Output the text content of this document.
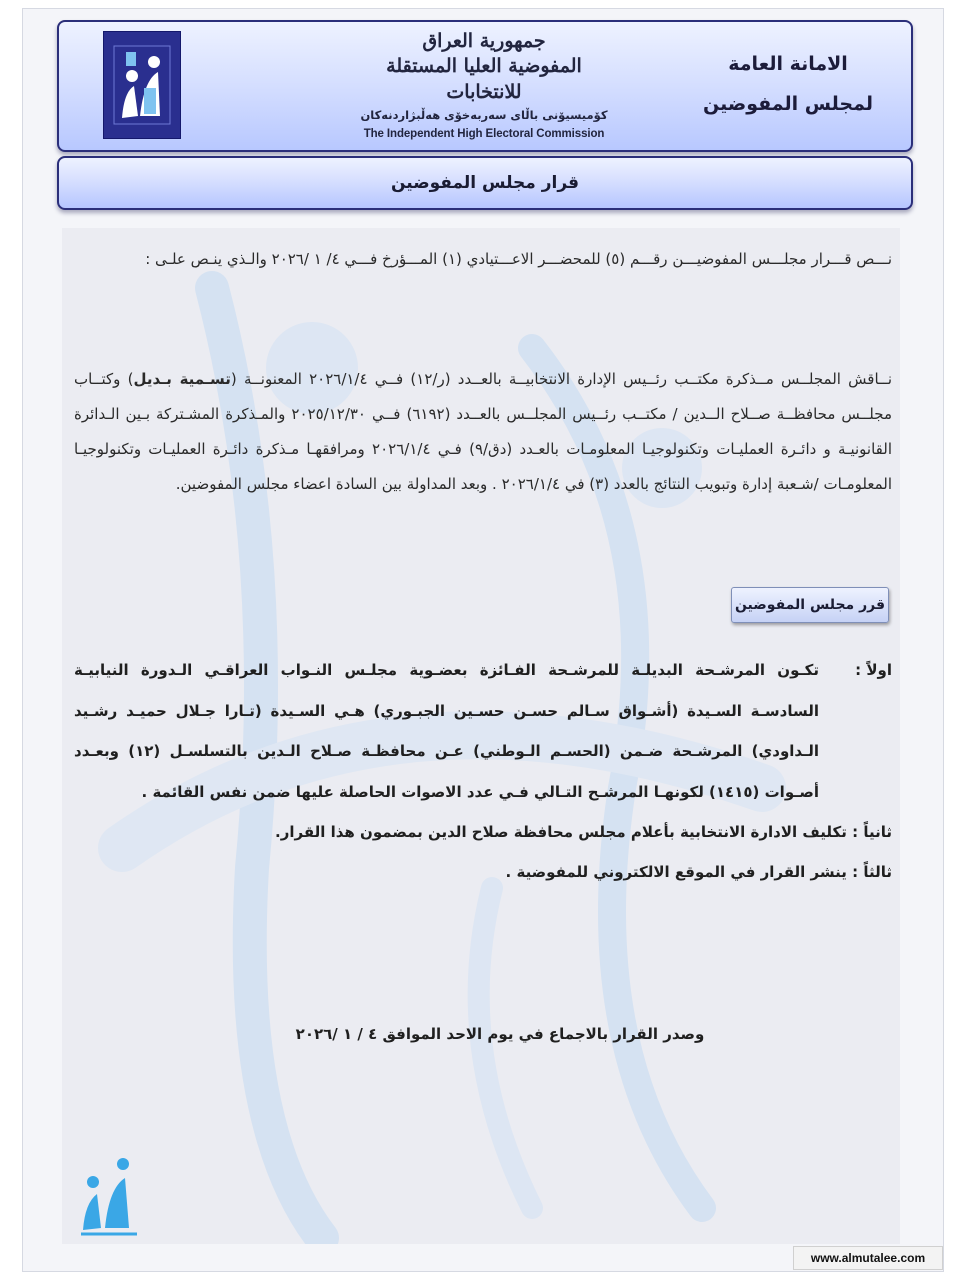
جمهورية العراق
المفوضية العليا المستقلة للانتخابات
كۆمیسیۆنی باڵای سەربەخۆی هەڵبژاردنەکان
The Independent High Electoral Commission
الامانة العامة
لمجلس المفوضين
قرار مجلس المفوضين
نـــص قـــرار مجلـــس المفوضيـــن رقـــم (٥) للمحضـــر الاعـــتيادي (١) المـــؤرخ فـــي ٤/ ١ /٢٠٢٦ والـذي ينـص علـى :
نــاقش المجلــس مــذكرة مكتــب رئــيس الإدارة الانتخابيــة بالعــدد (ر/١٢) فــي ٢٠٢٦/١/٤ المعنونــة (تسـمية بـديل) وكتــاب مجلــس محافظــة صــلاح الــدين / مكتــب رئــيس المجلــس بالعــدد (٦١٩٢) فــي ٢٠٢٥/١٢/٣٠ والمـذكرة المشـتركة بـين الـدائرة القانونيـة و دائـرة العمليـات وتكنولوجيـا المعلومـات بالعـدد (دق/٩) فـي ٢٠٢٦/١/٤ ومرافقهـا مـذكرة دائـرة العمليـات وتكنولوجيـا المعلومـات /شـعبة إدارة وتبويب النتائج بالعدد (٣) في ٢٠٢٦/١/٤ . وبعد المداولة بين السادة اعضاء مجلس المفوضين.
قرر مجلس المفوضين
اولاً :
تكـون المرشـحة البديلـة للمرشـحة الفـائزة بعضـوية مجلـس النـواب العراقـي الـدورة النيابيـة السادسـة السـيدة (أشـواق سـالم حسـن حسـين الجبـوري) هـي السـيدة (تـارا جـلال حميـد رشـيد الـداودي) المرشـحة ضـمن (الحسـم الـوطني) عـن محافظـة صـلاح الـدين بالتسلسـل (١٢) وبعـدد أصـوات (١٤١٥) لكونهـا المرشـح التـالي فـي عدد الاصوات الحاصلة عليها ضمن نفس القائمة .
ثانياً : تكليف الادارة الانتخابية بأعلام مجلس محافظة صلاح الدين بمضمون هذا القرار.
ثالثاً : ينشر القرار في الموقع الالكتروني للمفوضية .
وصدر القرار بالاجماع في يوم الاحد الموافق ٤ / ١ /٢٠٢٦
www.almutalee.com
